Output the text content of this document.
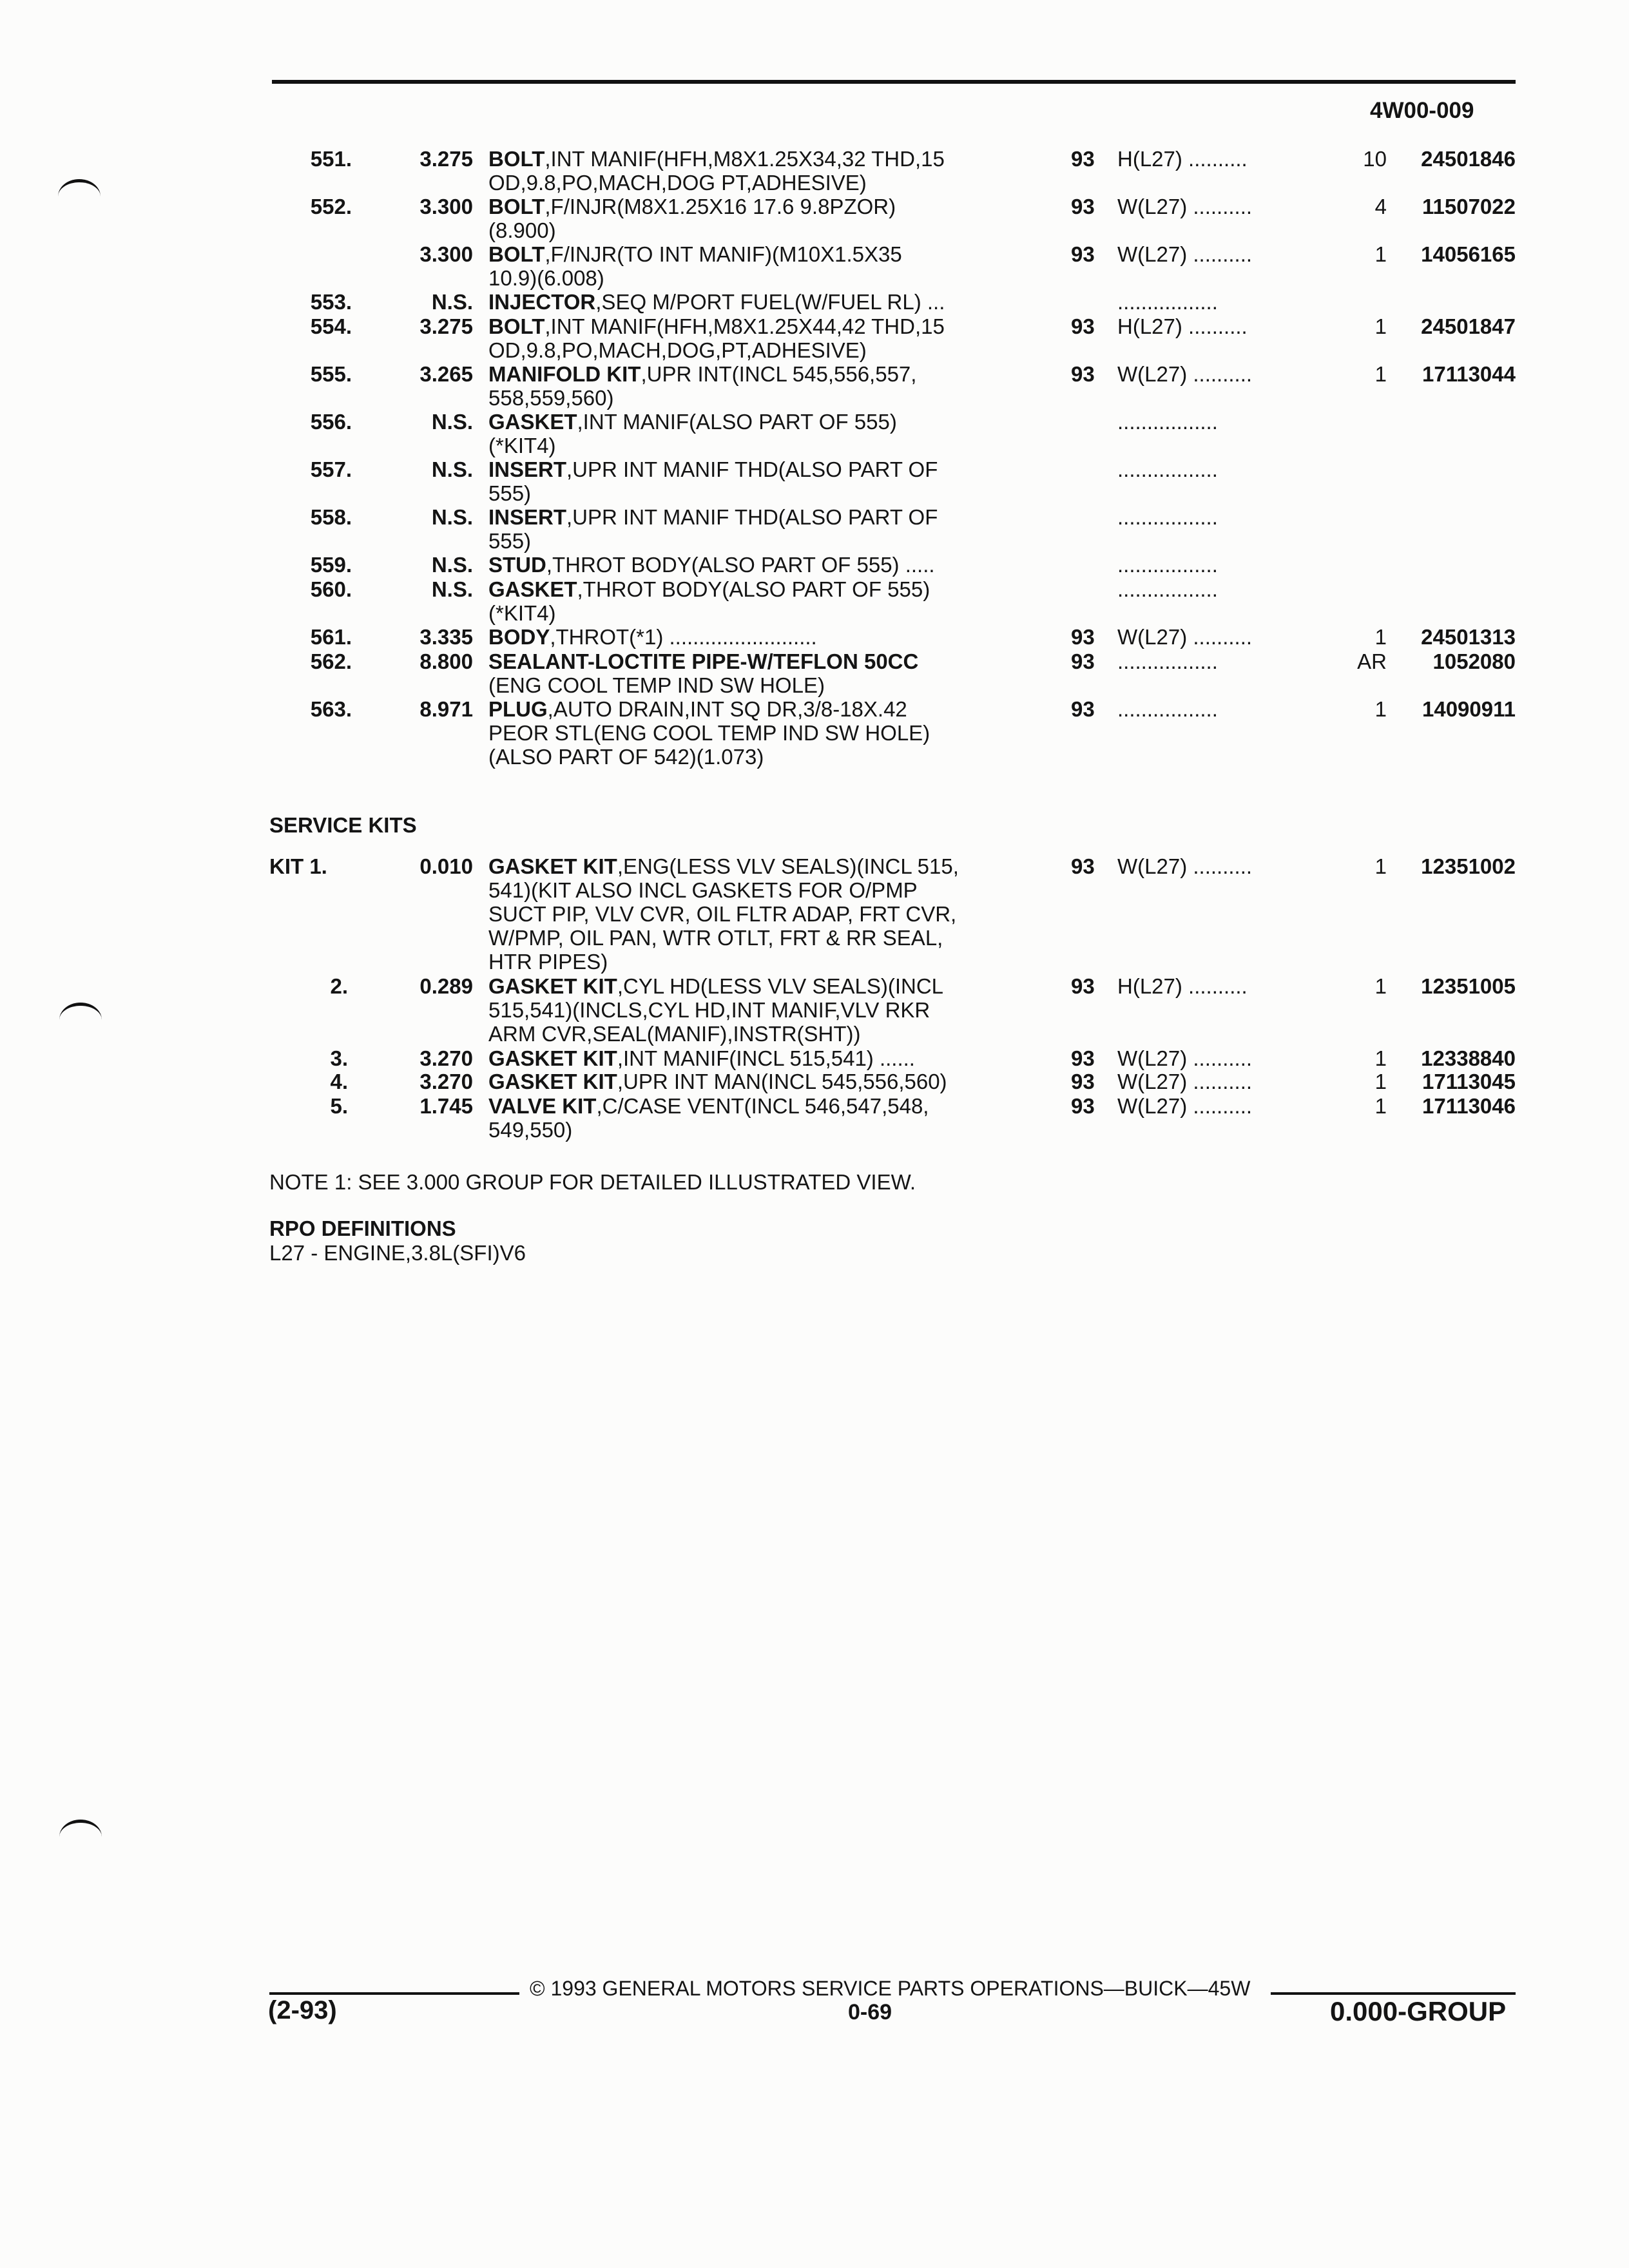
4W00-009
551.	3.275 BOLT,INT MANIF(HFH,M8X1.25X34,32 THD,15
OD,9.8,PO,MACH,DOG PT,ADHESIVE)
93 H(L27) ..........	10	24501846
552.	3.300 BOLT,F/INJR(M8X1.25X16 17.6 9.8PZOR)
(8.900)
93 W(L27) ..........	4	11507022
3.300 BOLT,F/INJR(TO INT MANIF)(M10X1.5X35
10.9)(6.008)
93 W(L27) ..........	1	14056165
553.	N.S. INJECTOR,SEQ M/PORT FUEL(W/FUEL RL) ...	.................
554.	3.275 BOLT,INT MANIF(HFH,M8X1.25X44,42 THD,15
OD,9.8,PO,MACH,DOG,PT,ADHESIVE)
93 H(L27) ..........	1	24501847
555.	3.265 MANIFOLD KIT,UPR INT(INCL 545,556,557,
558,559,560)
93 W(L27) ..........	1	17113044
556.	N.S. GASKET,INT MANIF(ALSO PART OF 555)
(*KIT4)
.................
557.	N.S. INSERT,UPR INT MANIF THD(ALSO PART OF
555)
.................
558.	N.S. INSERT,UPR INT MANIF THD(ALSO PART OF
555)
.................
559.	N.S. STUD,THROT BODY(ALSO PART OF 555) .....	.................
560.	N.S. GASKET,THROT BODY(ALSO PART OF 555)
(*KIT4)
.................
561.	3.335 BODY,THROT(*1) .........................	93 W(L27) ..........	1	24501313
562.	8.800 SEALANT-LOCTITE PIPE-W/TEFLON 50CC
(ENG COOL TEMP IND SW HOLE)
93 .................	AR	1052080
563.	8.971 PLUG,AUTO DRAIN,INT SQ DR,3/8-18X.42
PEOR STL(ENG COOL TEMP IND SW HOLE)
(ALSO PART OF 542)(1.073)
93 .................	1	14090911
SERVICE KITS
KIT 1.	0.010 GASKET KIT,ENG(LESS VLV SEALS)(INCL 515,
541)(KIT ALSO INCL GASKETS FOR O/PMP
SUCT PIP, VLV CVR, OIL FLTR ADAP, FRT CVR,
W/PMP, OIL PAN, WTR OTLT, FRT & RR SEAL,
HTR PIPES)
93 W(L27) ..........	1	12351002
2.	0.289 GASKET KIT,CYL HD(LESS VLV SEALS)(INCL
515,541)(INCLS,CYL HD,INT MANIF,VLV RKR
ARM CVR,SEAL(MANIF),INSTR(SHT))
93 H(L27) ..........	1	12351005
3.	3.270 GASKET KIT,INT MANIF(INCL 515,541) ......	93 W(L27) ..........	1	12338840
4.	3.270 GASKET KIT,UPR INT MAN(INCL 545,556,560)	93 W(L27) ..........	1	17113045
5.	1.745 VALVE KIT,C/CASE VENT(INCL 546,547,548,
549,550)
93 W(L27) ..........	1	17113046
NOTE 1: SEE 3.000 GROUP FOR DETAILED ILLUSTRATED VIEW.
RPO DEFINITIONS
L27 - ENGINE,3.8L(SFI)V6
© 1993 GENERAL MOTORS SERVICE PARTS OPERATIONS—BUICK—45W
(2-93)	0-69	0.000-GROUP
